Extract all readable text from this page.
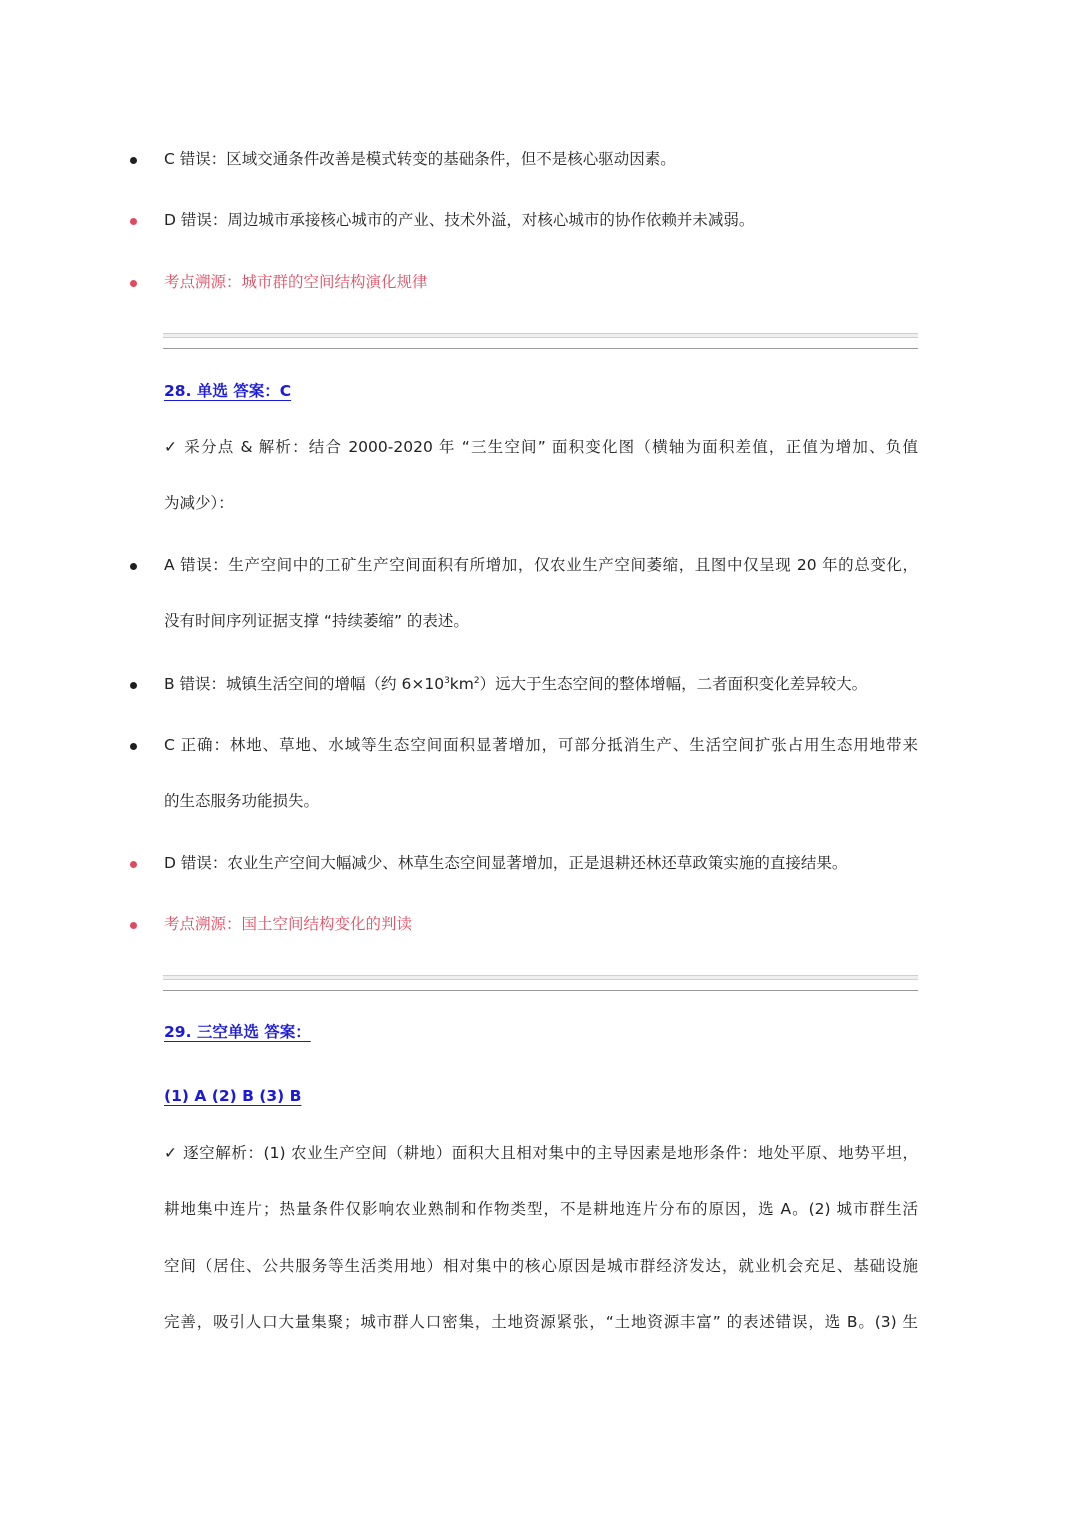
C 错误：区域交通条件改善是模式转变的基础条件，但不是核心驱动因素。
D 错误：周边城市承接核心城市的产业、技术外溢，对核心城市的协作依赖并未减弱。
考点溯源：城市群的空间结构演化规律
28. 单选 答案：C
✓ 采分点 & 解析：结合 2000-2020 年 “三生空间” 面积变化图（横轴为面积差值，正值为增加、负值
为减少）：
A 错误：生产空间中的工矿生产空间面积有所增加，仅农业生产空间萎缩，且图中仅呈现 20 年的总变化，
没有时间序列证据支撑 “持续萎缩” 的表述。
B 错误：城镇生活空间的增幅（约 $6\times 10^3km^2$）远大于生态空间的整体增幅，二者面积变化差异较大。
C 正确：林地、草地、水域等生态空间面积显著增加，可部分抵消生产、生活空间扩张占用生态用地带来
的生态服务功能损失。
D 错误：农业生产空间大幅减少、林草生态空间显著增加，正是退耕还林还草政策实施的直接结果。
考点溯源：国土空间结构变化的判读
29. 三空单选 答案：
(1) A (2) B (3) B
✓ 逐空解析：(1) 农业生产空间（耕地）面积大且相对集中的主导因素是地形条件：地处平原、地势平坦，
耕地集中连片；热量条件仅影响农业熟制和作物类型，不是耕地连片分布的原因，选 A。(2) 城市群生活
空间（居住、公共服务等生活类用地）相对集中的核心原因是城市群经济发达，就业机会充足、基础设施
完善，吸引人口大量集聚；城市群人口密集，土地资源紧张，“土地资源丰富” 的表述错误，选 B。(3) 生
